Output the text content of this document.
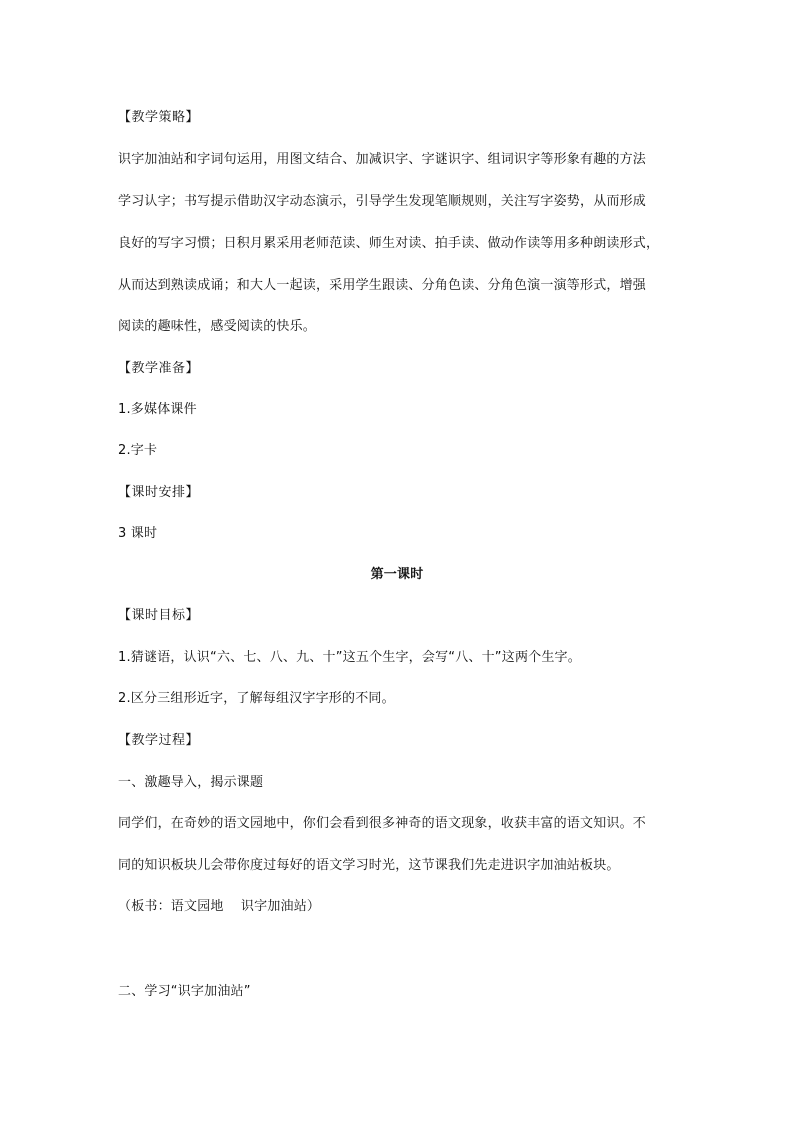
【教学策略】
识字加油站和字词句运用，用图文结合、加减识字、字谜识字、组词识字等形象有趣的方法
学习认字；书写提示借助汉字动态演示，引导学生发现笔顺规则，关注写字姿势，从而形成
良好的写字习惯；日积月累采用老师范读、师生对读、拍手读、做动作读等用多种朗读形式，
从而达到熟读成诵；和大人一起读，采用学生跟读、分角色读、分角色演一演等形式，增强
阅读的趣味性，感受阅读的快乐。
【教学准备】
1.多媒体课件
2.字卡
【课时安排】
3 课时
第一课时
【课时目标】
1.猜谜语，认识“六、七、八、九、十”这五个生字，会写“八、十”这两个生字。
2.区分三组形近字，了解每组汉字字形的不同。
【教学过程】
一、激趣导入，揭示课题
同学们，在奇妙的语文园地中，你们会看到很多神奇的语文现象，收获丰富的语文知识。不
同的知识板块儿会带你度过每好的语文学习时光，这节课我们先走进识字加油站板块。
（板书：语文园地    识字加油站）
二、学习“识字加油站”
